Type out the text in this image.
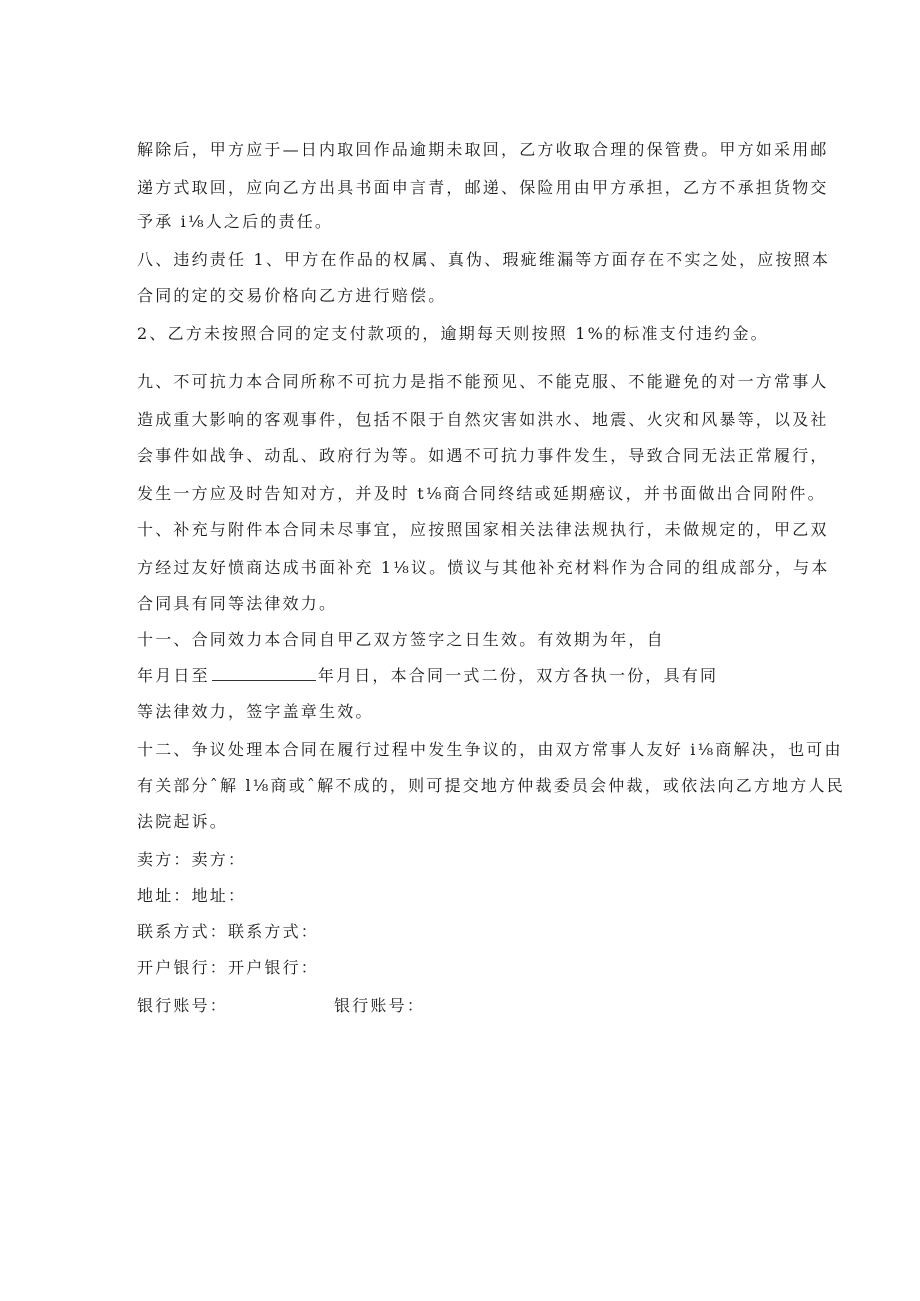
解除后，甲方应于—日内取回作品逾期未取回，乙方收取合理的保管费。甲方如采用邮
递方式取回，应向乙方出具书面申言青，邮递、保险用由甲方承担，乙方不承担货物交
予承 i⅛人之后的责任。
八、违约责任 1、甲方在作品的权属、真伪、瑕疵维漏等方面存在不实之处，应按照本
合同的定的交易价格向乙方进行赔偿。
2、乙方未按照合同的定支付款项的，逾期每天则按照 1%的标准支付违约金。
九、不可抗力本合同所称不可抗力是指不能预见、不能克服、不能避免的对一方常事人
造成重大影响的客观事件，包括不限于自然灾害如洪水、地震、火灾和风暴等，以及社
会事件如战争、动乱、政府行为等。如遇不可抗力事件发生，导致合同无法正常履行，
发生一方应及时告知对方，并及时 t⅛商合同终结或延期癌议，并书面做出合同附件。
十、补充与附件本合同未尽事宜，应按照国家相关法律法规执行，未做规定的，甲乙双
方经过友好愤商达成书面补充 1⅛议。愤议与其他补充材料作为合同的组成部分，与本
合同具有同等法律效力。
十一、合同效力本合同自甲乙双方签字之日生效。有效期为年，自
年月日至	年月日，本合同一式二份，双方各执一份，具有同
等法律效力，签字盖章生效。
十二、争议处理本合同在履行过程中发生争议的，由双方常事人友好 i⅛商解决，也可由
有关部分ˆ解 l⅛商或ˆ解不成的，则可提交地方仲裁委员会仲裁，或依法向乙方地方人民
法院起诉。
卖方：卖方：
地址：地址：
联系方式：联系方式：
开户银行：开户银行：
银行账号：	银行账号：
